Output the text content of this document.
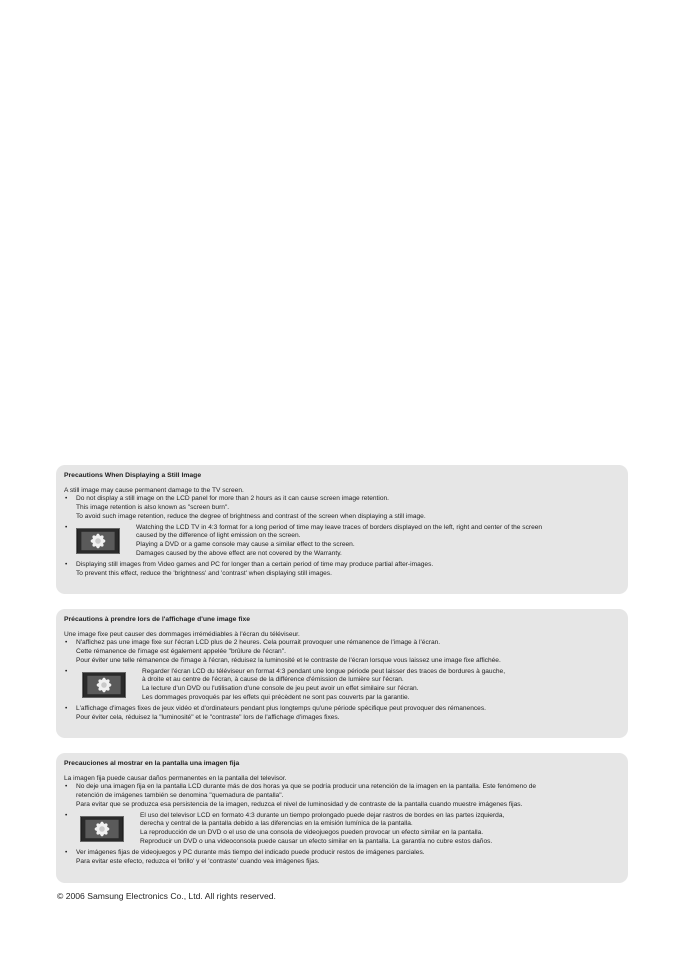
Precautions When Displaying a Still Image
A still image may cause permanent damage to the TV screen.
• Do not display a still image on the LCD panel for more than 2 hours as it can cause screen image retention.
This image retention is also known as "screen burn".
To avoid such image retention, reduce the degree of brightness and contrast of the screen when displaying a still image.
•	Watching the LCD TV in 4:3 format for a long period of time may leave traces of borders displayed on the left, right and center of the screen
caused by the difference of light emission on the screen.
Playing a DVD or a game console may cause a similar effect to the screen.
Damages caused by the above effect are not covered by the Warranty.
• Displaying still images from Video games and PC for longer than a certain period of time may produce partial after-images.
To prevent this effect, reduce the 'brightness' and 'contrast' when displaying still images.
Précautions à prendre lors de l'affichage d'une image fixe
Une image fixe peut causer des dommages irrémédiables à l'écran du téléviseur.
• N'affichez pas une image fixe sur l'écran LCD plus de 2 heures. Cela pourrait provoquer une rémanence de l'image à l'écran.
Cette rémanence de l'image est également appelée "brûlure de l'écran".
Pour éviter une telle rémanence de l'image à l'écran, réduisez la luminosité et le contraste de l'écran lorsque vous laissez une image fixe affichée.
•	Regarder l'écran LCD du téléviseur en format 4:3 pendant une longue période peut laisser des traces de bordures à gauche,
à droite et au centre de l'écran, à cause de la différence d'émission de lumière sur l'écran.
La lecture d'un DVD ou l'utilisation d'une console de jeu peut avoir un effet similaire sur l'écran.
Les dommages provoqués par les effets qui précèdent ne sont pas couverts par la garantie.
• L'affichage d'images fixes de jeux vidéo et d'ordinateurs pendant plus longtemps qu'une période spécifique peut provoquer des rémanences.
Pour éviter cela, réduisez la "luminosité" et le "contraste" lors de l'affichage d'images fixes.
Precauciones al mostrar en la pantalla una imagen fija
La imagen fija puede causar daños permanentes en la pantalla del televisor.
• No deje una imagen fija en la pantalla LCD durante más de dos horas ya que se podría producir una retención de la imagen en la pantalla. Este fenómeno de
retención de imágenes también se denomina "quemadura de pantalla".
Para evitar que se produzca esa persistencia de la imagen, reduzca el nivel de luminosidad y de contraste de la pantalla cuando muestre imágenes fijas.
•	El uso del televisor LCD en formato 4:3 durante un tiempo prolongado puede dejar rastros de bordes en las partes izquierda,
derecha y central de la pantalla debido a las diferencias en la emisión lumínica de la pantalla.
La reproducción de un DVD o el uso de una consola de videojuegos pueden provocar un efecto similar en la pantalla.
Reproducir un DVD o una videoconsola puede causar un efecto similar en la pantalla. La garantía no cubre estos daños.
• Ver imágenes fijas de videojuegos y PC durante más tiempo del indicado puede producir restos de imágenes parciales.
Para evitar este efecto, reduzca el 'brillo' y el 'contraste' cuando vea imágenes fijas.
© 2006 Samsung Electronics Co., Ltd. All rights reserved.
